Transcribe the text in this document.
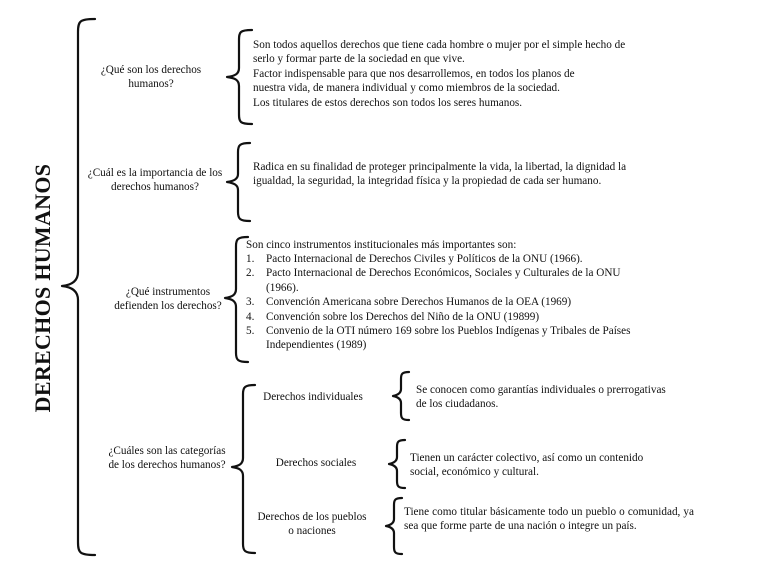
DERECHOS HUMANOS
¿Qué son los derechos humanos?
Son todos aquellos derechos que tiene cada hombre o mujer por el simple hecho de
serlo y formar parte de la sociedad en que vive.
Factor indispensable para que nos desarrollemos, en todos los planos de
nuestra vida, de manera individual y como miembros de la sociedad.
Los titulares de estos derechos son todos los seres humanos.
¿Cuál es la importancia de los derechos humanos?
Radica en su finalidad de proteger principalmente la vida, la libertad, la dignidad la
igualdad, la seguridad, la integridad física y la propiedad de cada ser humano.
¿Qué instrumentos defienden los derechos?
Son cinco instrumentos institucionales más importantes son:
1. Pacto Internacional de Derechos Civiles y Políticos de la ONU (1966).
2. Pacto Internacional de Derechos Económicos, Sociales y Culturales de la ONU
(1966).
3. Convención Americana sobre Derechos Humanos de la OEA (1969)
4. Convención sobre los Derechos del Niño de la ONU (19899)
5. Convenio de la OTI número 169 sobre los Pueblos Indígenas y Tribales de Países
Independientes (1989)
¿Cuáles son las categorías de los derechos humanos?
Derechos individuales
Se conocen como garantías individuales o prerrogativas
de los ciudadanos.
Derechos sociales	Tienen un carácter colectivo, así como un contenido
social, económico y cultural.
Derechos de los pueblos o naciones
Tiene como titular básicamente todo un pueblo o comunidad, ya sea que forme parte de una nación o integre un país.
